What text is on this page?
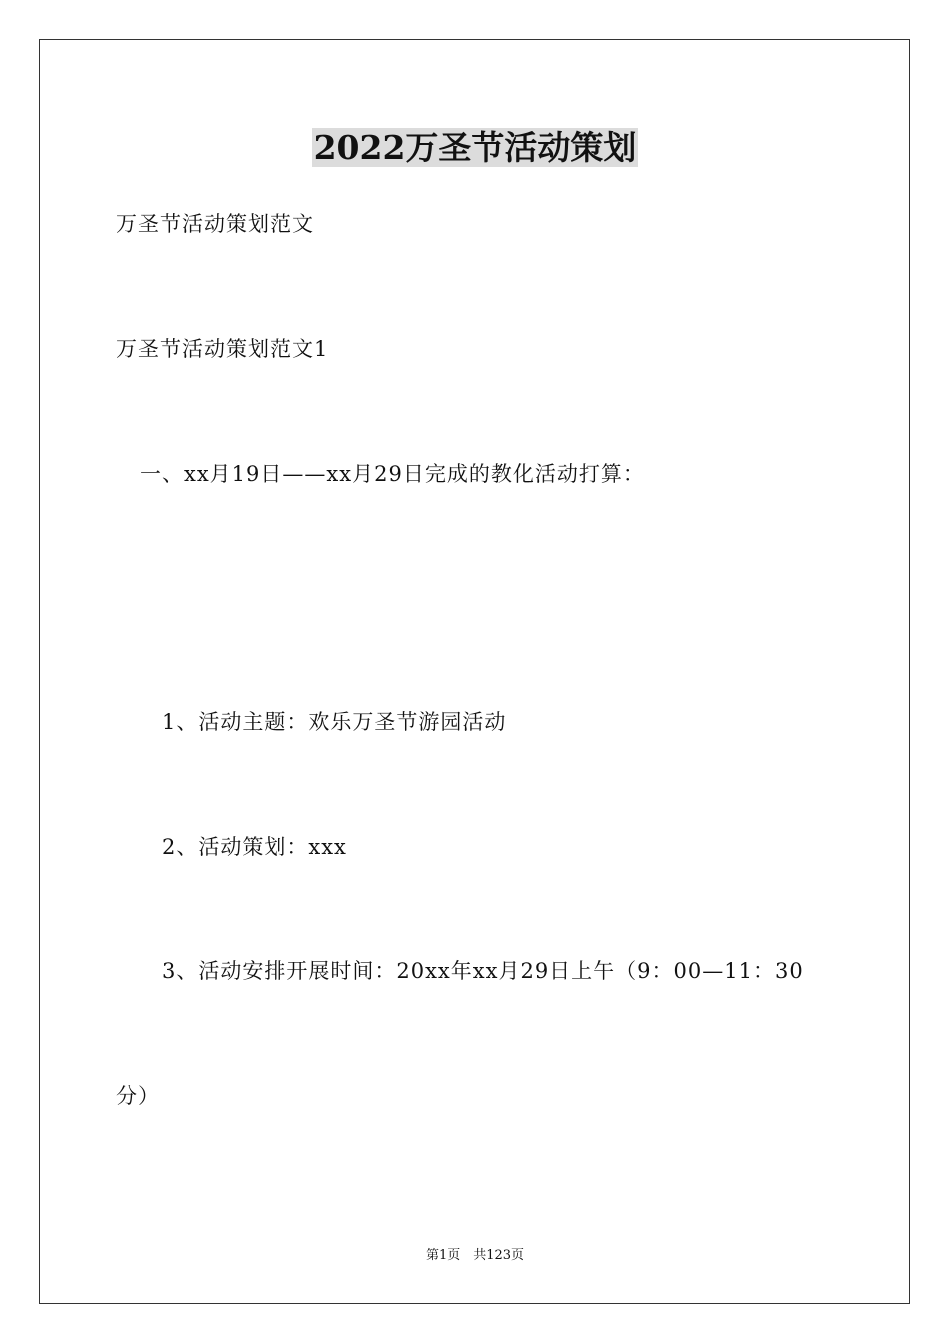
2022万圣节活动策划
万圣节活动策划范文
万圣节活动策划范文1
一、xx月19日——xx月29日完成的教化活动打算：
1、活动主题：欢乐万圣节游园活动
2、活动策划：xxx
3、活动安排开展时间：20xx年xx月29日上午（9：00—11：30
分）
第1页　共123页
